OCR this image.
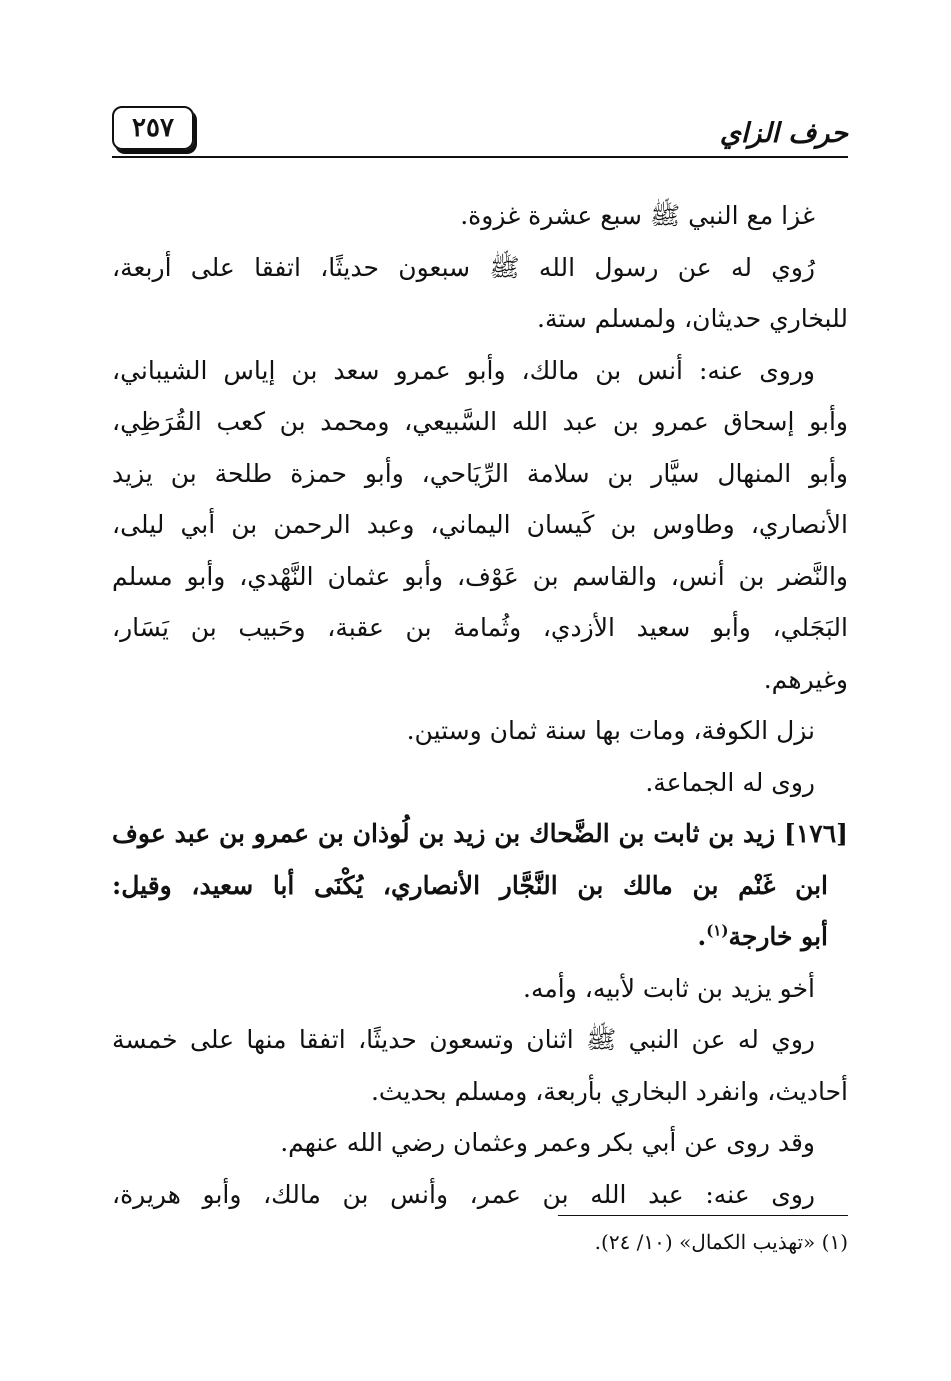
٢٥٧	حرف الزاي
غزا مع النبي ﷺ سبع عشرة غزوة.
رُوي له عن رسول الله ﷺ سبعون حديثًا، اتفقا على أربعة،
للبخاري حديثان، ولمسلم ستة.
وروى عنه: أنس بن مالك، وأبو عمرو سعد بن إياس الشيباني،
وأبو إسحاق عمرو بن عبد الله السَّبيعي، ومحمد بن كعب القُرَظِي،
وأبو المنهال سيَّار بن سلامة الرِّيَاحي، وأبو حمزة طلحة بن يزيد
الأنصاري، وطاوس بن كَيسان اليماني، وعبد الرحمن بن أبي ليلى،
والنَّضر بن أنس، والقاسم بن عَوْف، وأبو عثمان النَّهْدي، وأبو مسلم
البَجَلي، وأبو سعيد الأزدي، وثُمامة بن عقبة، وحَبيب بن يَسَار،
وغيرهم.
نزل الكوفة، ومات بها سنة ثمان وستين.
روى له الجماعة.
[١٧٦] زيد بن ثابت بن الضَّحاك بن زيد بن لُوذان بن عمرو بن عبد عوف
ابن غَنْم بن مالك بن النَّجَّار الأنصاري، يُكْنَى أبا سعيد، وقيل:
أبو خارجة$^{(١)}$.
أخو يزيد بن ثابت لأبيه، وأمه.
روي له عن النبي ﷺ اثنان وتسعون حديثًا، اتفقا منها على خمسة
أحاديث، وانفرد البخاري بأربعة، ومسلم بحديث.
وقد روى عن أبي بكر وعمر وعثمان رضي الله عنهم.
روى عنه: عبد الله بن عمر، وأنس بن مالك، وأبو هريرة،
(١) «تهذيب الكمال» (١٠/ ٢٤).
